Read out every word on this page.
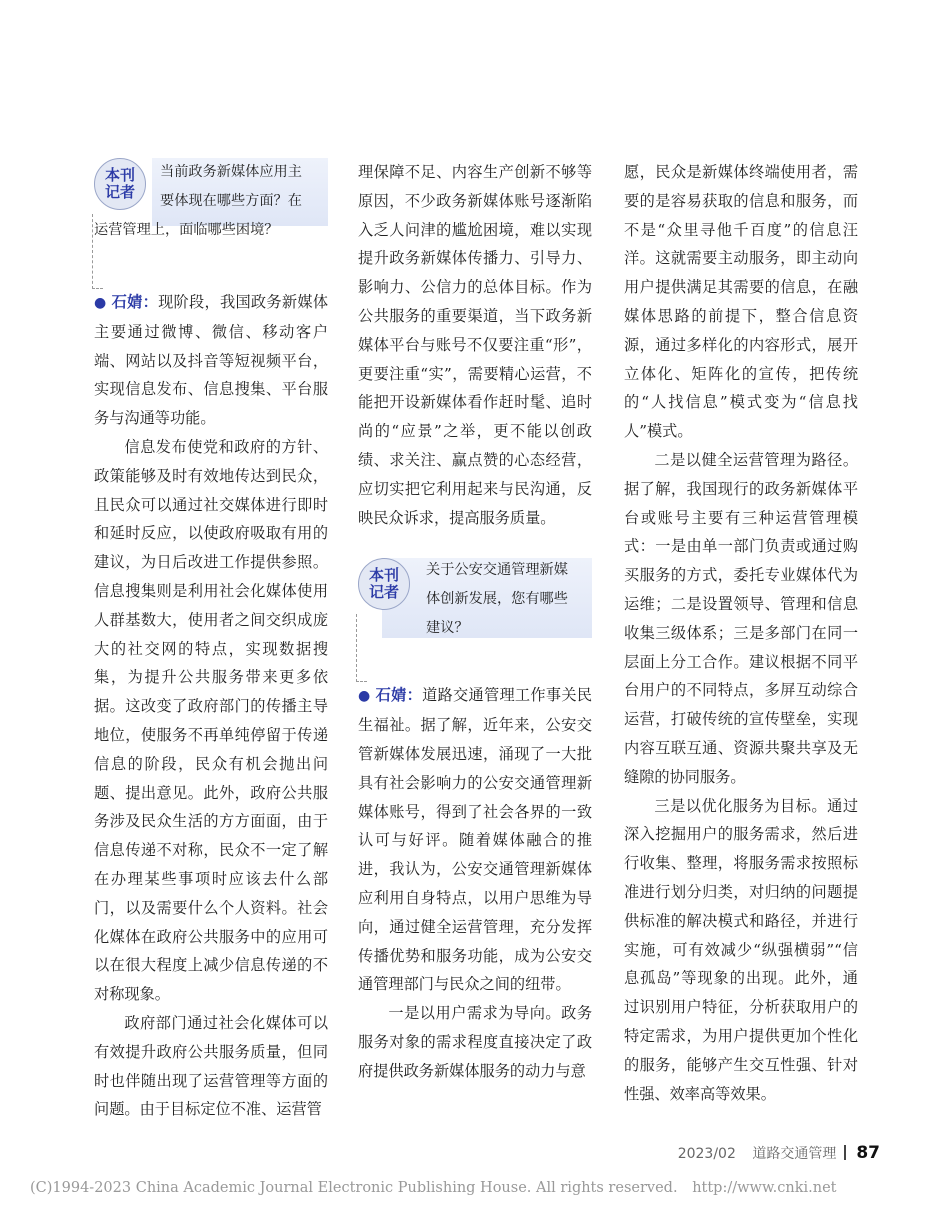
本刊
记者
当前政务新媒体应用主
要体现在哪些方面？在
运营管理上，面临哪些困境？

● 石婧：现阶段，我国政务新媒体主要通过微博、微信、移动客户端、网站以及抖音等短视频平台，实现信息发布、信息搜集、平台服务与沟通等功能。

信息发布使党和政府的方针、政策能够及时有效地传达到民众，且民众可以通过社交媒体进行即时和延时反应，以使政府吸取有用的建议，为日后改进工作提供参照。信息搜集则是利用社会化媒体使用人群基数大，使用者之间交织成庞大的社交网的特点，实现数据搜集，为提升公共服务带来更多依据。这改变了政府部门的传播主导地位，使服务不再单纯停留于传递信息的阶段，民众有机会抛出问题、提出意见。此外，政府公共服务涉及民众生活的方方面面，由于信息传递不对称，民众不一定了解在办理某些事项时应该去什么部门，以及需要什么个人资料。社会化媒体在政府公共服务中的应用可以在很大程度上减少信息传递的不对称现象。

政府部门通过社会化媒体可以有效提升政府公共服务质量，但同时也伴随出现了运营管理等方面的问题。由于目标定位不准、运营管

理保障不足、内容生产创新不够等原因，不少政务新媒体账号逐渐陷入乏人问津的尴尬困境，难以实现提升政务新媒体传播力、引导力、影响力、公信力的总体目标。作为公共服务的重要渠道，当下政务新媒体平台与账号不仅要注重“形”，更要注重“实”，需要精心运营，不能把开设新媒体看作赶时髦、追时尚的“应景”之举，更不能以创政绩、求关注、赢点赞的心态经营，应切实把它利用起来与民沟通，反映民众诉求，提高服务质量。

本刊
记者
关于公安交通管理新媒
体创新发展，您有哪些
建议？

● 石婧：道路交通管理工作事关民生福祉。据了解，近年来，公安交管新媒体发展迅速，涌现了一大批具有社会影响力的公安交通管理新媒体账号，得到了社会各界的一致认可与好评。随着媒体融合的推进，我认为，公安交通管理新媒体应利用自身特点，以用户思维为导向，通过健全运营管理，充分发挥传播优势和服务功能，成为公安交通管理部门与民众之间的纽带。

一是以用户需求为导向。政务服务对象的需求程度直接决定了政府提供政务新媒体服务的动力与意

愿，民众是新媒体终端使用者，需要的是容易获取的信息和服务，而不是“众里寻他千百度”的信息汪洋。这就需要主动服务，即主动向用户提供满足其需要的信息，在融媒体思路的前提下，整合信息资源，通过多样化的内容形式，展开立体化、矩阵化的宣传，把传统的“人找信息”模式变为“信息找人”模式。

二是以健全运营管理为路径。据了解，我国现行的政务新媒体平台或账号主要有三种运营管理模式：一是由单一部门负责或通过购买服务的方式，委托专业媒体代为运维；二是设置领导、管理和信息收集三级体系；三是多部门在同一层面上分工合作。建议根据不同平台用户的不同特点，多屏互动综合运营，打破传统的宣传壁垒，实现内容互联互通、资源共聚共享及无缝隙的协同服务。

三是以优化服务为目标。通过深入挖掘用户的服务需求，然后进行收集、整理，将服务需求按照标准进行划分归类，对归纳的问题提供标准的解决模式和路径，并进行实施，可有效减少“纵强横弱”“信息孤岛”等现象的出现。此外，通过识别用户特征，分析获取用户的特定需求，为用户提供更加个性化的服务，能够产生交互性强、针对性强、效率高等效果。

2023/02 道路交通管理 87
(C)1994-2023 China Academic Journal Electronic Publishing House. All rights reserved. http://www.cnki.net
